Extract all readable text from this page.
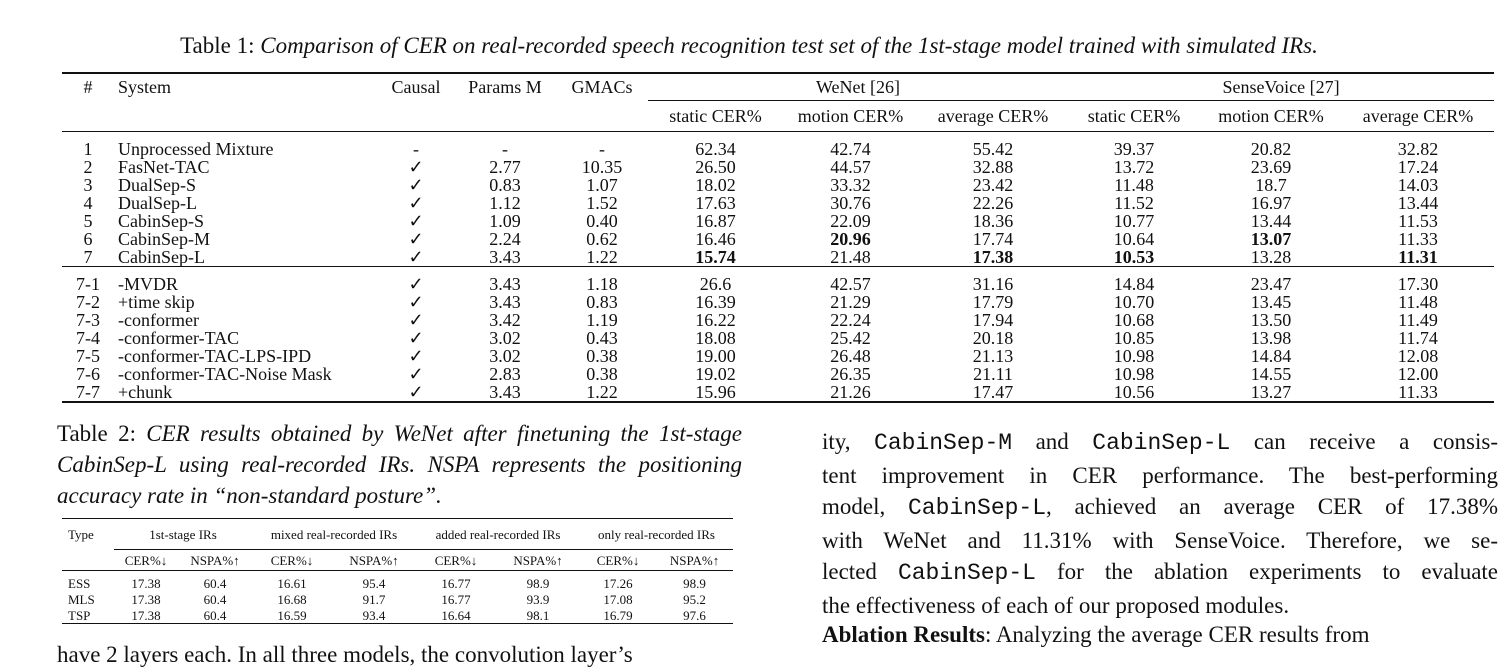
Table 1: Comparison of CER on real-recorded speech recognition test set of the 1st-stage model trained with simulated IRs.
#	System	Causal	Params M	GMACs	WeNet [26]			SenseVoice [27]		
					static CER%	motion CER%	average CER%	static CER%	motion CER%	average CER%
1	Unprocessed Mixture	-	-	-	62.34	42.74	55.42	39.37	20.82	32.82
2	FasNet-TAC	✓	2.77	10.35	26.50	44.57	32.88	13.72	23.69	17.24
3	DualSep-S	✓	0.83	1.07	18.02	33.32	23.42	11.48	18.7	14.03
4	DualSep-L	✓	1.12	1.52	17.63	30.76	22.26	11.52	16.97	13.44
5	CabinSep-S	✓	1.09	0.40	16.87	22.09	18.36	10.77	13.44	11.53
6	CabinSep-M	✓	2.24	0.62	16.46	20.96	17.74	10.64	13.07	11.33
7	CabinSep-L	✓	3.43	1.22	15.74	21.48	17.38	10.53	13.28	11.31
7-1	-MVDR	✓	3.43	1.18	26.6	42.57	31.16	14.84	23.47	17.30
7-2	+time skip	✓	3.43	0.83	16.39	21.29	17.79	10.70	13.45	11.48
7-3	-conformer	✓	3.42	1.19	16.22	22.24	17.94	10.68	13.50	11.49
7-4	-conformer-TAC	✓	3.02	0.43	18.08	25.42	20.18	10.85	13.98	11.74
7-5	-conformer-TAC-LPS-IPD	✓	3.02	0.38	19.00	26.48	21.13	10.98	14.84	12.08
7-6	-conformer-TAC-Noise Mask	✓	2.83	0.38	19.02	26.35	21.11	10.98	14.55	12.00
7-7	+chunk	✓	3.43	1.22	15.96	21.26	17.47	10.56	13.27	11.33
Table 2: CER results obtained by WeNet after finetuning the 1st-stage CabinSep-L using real-recorded IRs. NSPA represents the positioning accuracy rate in “non-standard posture”.
Type	1st-stage IRs		mixed real-recorded IRs		added real-recorded IRs		only real-recorded IRs	
	CER%↓	NSPA%↑	CER%↓	NSPA%↑	CER%↓	NSPA%↑	CER%↓	NSPA%↑
ESS	17.38	60.4	16.61	95.4	16.77	98.9	17.26	98.9
MLS	17.38	60.4	16.68	91.7	16.77	93.9	17.08	95.2
TSP	17.38	60.4	16.59	93.4	16.64	98.1	16.79	97.6
have 2 layers each. In all three models, the convolution layer’s
ity, CabinSep-M and CabinSep-L can receive a consis-
tent improvement in CER performance. The best-performing
model, CabinSep-L, achieved an average CER of 17.38%
with WeNet and 11.31% with SenseVoice. Therefore, we se-
lected CabinSep-L for the ablation experiments to evaluate
the effectiveness of each of our proposed modules.
Ablation Results: Analyzing the average CER results from
